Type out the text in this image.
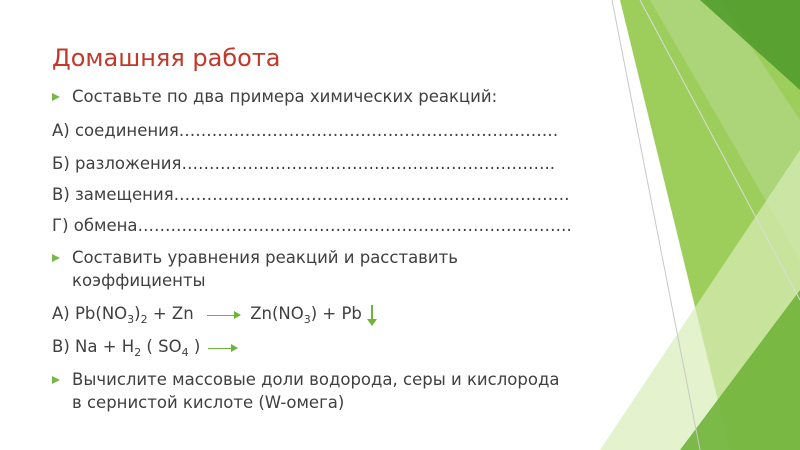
Домашняя работа
Составьте по два примера химических реакций:
А) соединения……………………………………………………………
Б) разложения…………………………………………………………..
В) замещения………………………………………………………………
Г) обмена…………………………………………………………………….
Составить уравнения реакций и расставить
коэффициенты
А) $Pb(NO_3)_2 + Zn$	$Zn(NO_3) + Pb$
В) $Na + H_2$ ( $SO_4$ )
Вычислите массовые доли водорода, серы и кислорода
в сернистой кислоте (W-омега)
